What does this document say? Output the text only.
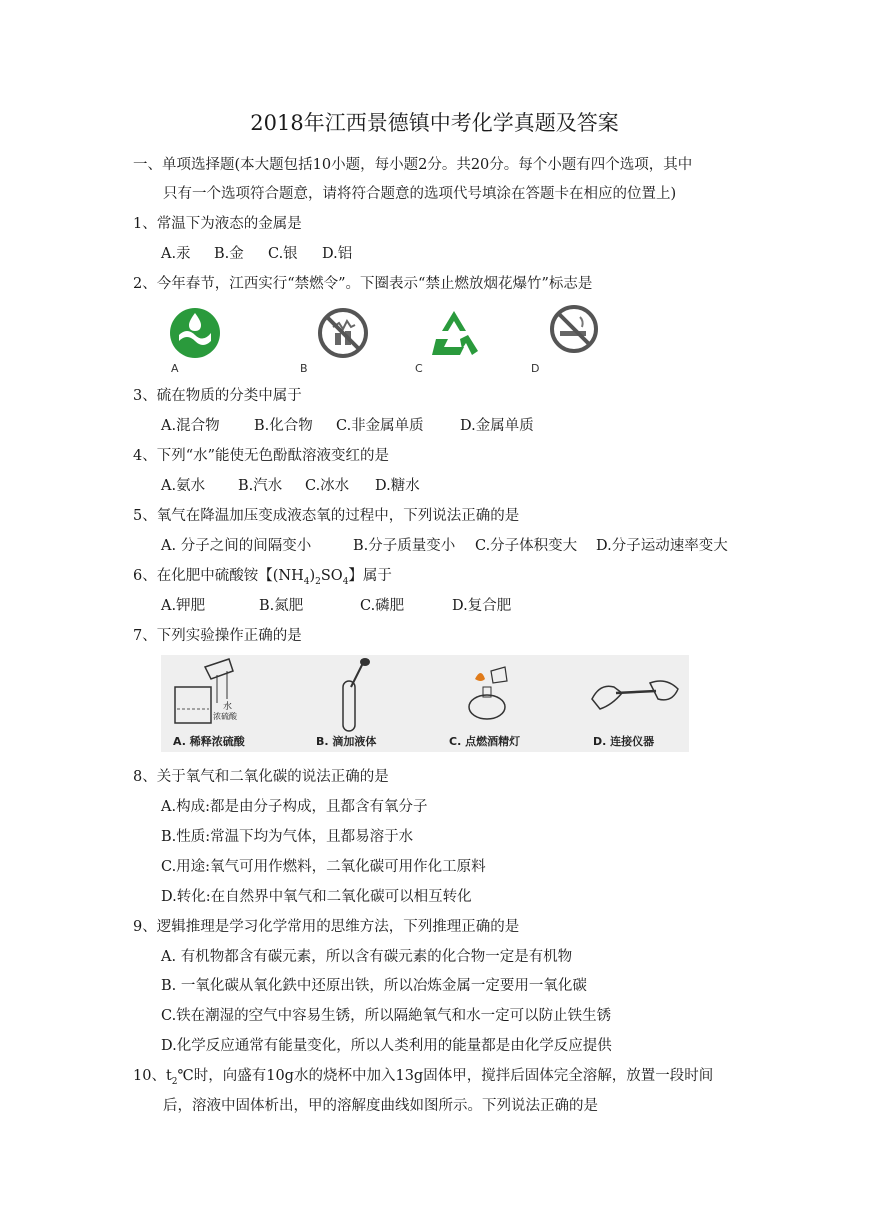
2018年江西景德镇中考化学真题及答案
一、单项选择题(本大题包括10小题，每小题2分。共20分。每个小题有四个选项，其中
只有一个选项符合题意，请将符合题意的选项代号填涂在答题卡在相应的位置上)
1、常温下为液态的金属是
A.汞 B.金 C.银 D.铝
2、今年春节，江西实行“禁燃令”。下圈表示“禁止燃放烟花爆竹”标志是
A	B	C	D
3、硫在物质的分类中属于
A.混合物 B.化合物 C.非金属单质	D.金属单质
4、下列“水”能使无色酚酞溶液变红的是
A.氨水 B.汽水 C.冰水 D.糖水
5、氧气在降温加压变成液态氧的过程中，下列说法正确的是
A. 分子之间的间隔变小	B.分子质量变小 C.分子体积变大 D.分子运动速率变大
6、在化肥中硫酸铵【$(NH_4)_2SO_4$】属于
A.钾肥	B.氮肥	C.磷肥	D.复合肥
7、下列实验操作正确的是
水
浓硫酸
A. 稀释浓硫酸	B. 滴加液体	C. 点燃酒精灯	D. 连接仪器
8、关于氧气和二氧化碳的说法正确的是
A.构成:都是由分子构成，且都含有氧分子
B.性质:常温下均为气体，且都易溶于水
C.用途:氧气可用作燃料，二氧化碳可用作化工原料
D.转化:在自然界中氧气和二氧化碳可以相互转化
9、逻辑推理是学习化学常用的思维方法，下列推理正确的是
A. 有机物都含有碳元素，所以含有碳元素的化合物一定是有机物
B. 一氧化碳从氧化鉄中还原出铁，所以冶炼金属一定要用一氧化碳
C.铁在潮湿的空气中容易生锈，所以隔絶氧气和水一定可以防止铁生锈
D.化学反应通常有能量变化，所以人类利用的能量都是由化学反应提供
10、$t_2℃$时，向盛有10g水的烧杯中加入13g固体甲，搅拌后固体完全溶解，放置一段时间
后，溶液中固体析出，甲的溶解度曲线如图所示。下列说法正确的是
